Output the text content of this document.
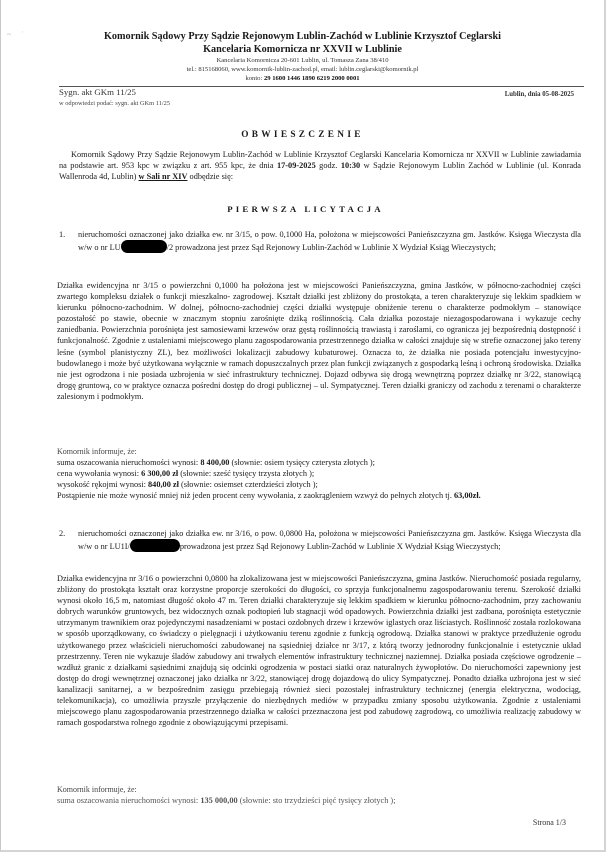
~ ˈ	Komornik Sądowy Przy Sądzie Rejonowym Lublin-Zachód w Lublinie Krzysztof Ceglarski
Kancelaria Komornicza nr XXVII w Lublinie
Kancelaria Komornicza 20-601 Lublin, ul. Tomasza Zana 38/410
tel.: 815168060, www.komornik-lublin-zachod.pl, email: lublin.ceglarski@komornik.pl
konto: 29 1600 1446 1890 6219 2000 0001
Sygn. akt GKm 11/25
w odpowiedzi podać: sygn. akt GKm 11/25
Lublin, dnia 05-08-2025
OBWIESZCZENIE
Komornik Sądowy Przy Sądzie Rejonowym Lublin-Zachód w Lublinie Krzysztof Ceglarski Kancelaria Komornicza nr XXVII w Lublinie zawiadamia na podstawie art. 953 kpc w związku z art. 955 kpc, że dnia 17-09-2025 godz. 10:30 w Sądzie Rejonowym Lublin Zachód w Lublinie (ul. Konrada Wallenroda 4d, Lublin) w Sali nr XIV odbędzie się:
PIERWSZA LICYTACJA
1. nieruchomości oznaczonej jako działka ew. nr 3/15, o pow. 0,1000 Ha, położona w miejscowości Panieńszczyzna gm. Jastków. Księga Wieczysta dla w/w o nr LU	/2 prowadzona jest przez Sąd Rejonowy Lublin-Zachód w Lublinie X Wydział Ksiąg Wieczystych;
Działka ewidencyjna nr 3/15 o powierzchni 0,1000 ha położona jest w miejscowości Panieńszczyzna, gmina Jastków, w północno-zachodniej części zwartego kompleksu działek o funkcji mieszkalno- zagrodowej. Kształt działki jest zbliżony do prostokąta, a teren charakteryzuje się lekkim spadkiem w kierunku północno-zachodnim. W dolnej, północno-zachodniej części działki występuje obniżenie terenu o charakterze podmokłym – stanowiące pozostałość po stawie, obecnie w znacznym stopniu zarośnięte dziką roślinnością. Cała działka pozostaje niezagospodarowana i wykazuje cechy zaniedbania. Powierzchnia porośnięta jest samosiewami krzewów oraz gęstą roślinnością trawiastą i zaroślami, co ogranicza jej bezpośrednią dostępność i funkcjonalność. Zgodnie z ustaleniami miejscowego planu zagospodarowania przestrzennego działka w całości znajduje się w strefie oznaczonej jako tereny leśne (symbol planistyczny ZL), bez możliwości lokalizacji zabudowy kubaturowej. Oznacza to, że działka nie posiada potencjału inwestycyjno-budowlanego i może być użytkowana wyłącznie w ramach dopuszczalnych przez plan funkcji związanych z gospodarką leśną i ochroną środowiska. Działka nie jest ogrodzona i nie posiada uzbrojenia w sieć infrastruktury technicznej. Dojazd odbywa się drogą wewnętrzną poprzez działkę nr 3/22, stanowiącą drogę gruntową, co w praktyce oznacza pośredni dostęp do drogi publicznej – ul. Sympatycznej. Teren działki graniczy od zachodu z terenami o charakterze zalesionym i podmokłym.
Komornik informuje, że:
suma oszacowania nieruchomości wynosi: 8 400,00 (słownie: osiem tysięcy czterysta złotych );
cena wywołania wynosi: 6 300,00 zł (słownie: sześć tysięcy trzysta złotych );
wysokość rękojmi wynosi: 840,00 zł (słownie: osiemset czterdzieści złotych );
Postąpienie nie może wynosić mniej niż jeden procent ceny wywołania, z zaokrągleniem wzwyż do pełnych złotych tj. 63,00zł.
2. nieruchomości oznaczonej jako działka ew. nr 3/16, o pow. 0,0800 Ha, położona w miejscowości Panieńszczyzna gm. Jastków. Księga Wieczysta dla w/w o nr LU1I/	prowadzona jest przez Sąd Rejonowy Lublin-Zachód w Lublinie X Wydział Ksiąg Wieczystych;
Działka ewidencyjna nr 3/16 o powierzchni 0,0800 ha zlokalizowana jest w miejscowości Panieńszczyzna, gmina Jastków. Nieruchomość posiada regularny, zbliżony do prostokąta kształt oraz korzystne proporcje szerokości do długości, co sprzyja funkcjonalnemu zagospodarowaniu terenu. Szerokość działki wynosi około 16,5 m, natomiast długość około 47 m. Teren działki charakteryzuje się lekkim spadkiem w kierunku północno-zachodnim, przy zachowaniu dobrych warunków gruntowych, bez widocznych oznak podtopień lub stagnacji wód opadowych. Powierzchnia działki jest zadbana, porośnięta estetycznie utrzymanym trawnikiem oraz pojedynczymi nasadzeniami w postaci ozdobnych drzew i krzewów iglastych oraz liściastych. Roślinność została rozlokowana w sposób uporządkowany, co świadczy o pielęgnacji i użytkowaniu terenu zgodnie z funkcją ogrodową. Działka stanowi w praktyce przedłużenie ogrodu użytkowanego przez właścicieli nieruchomości zabudowanej na sąsiedniej działce nr 3/17, z którą tworzy jednorodny funkcjonalnie i estetycznie układ przestrzenny. Teren nie wykazuje śladów zabudowy ani trwałych elementów infrastruktury technicznej naziemnej. Działka posiada częściowe ogrodzenie – wzdłuż granic z działkami sąsiednimi znajdują się odcinki ogrodzenia w postaci siatki oraz naturalnych żywopłotów. Do nieruchomości zapewniony jest dostęp do drogi wewnętrznej oznaczonej jako działka nr 3/22, stanowiącej drogę dojazdową do ulicy Sympatycznej. Ponadto działka uzbrojona jest w sieć kanalizacji sanitarnej, a w bezpośrednim zasięgu przebiegają również sieci pozostałej infrastruktury technicznej (energia elektryczna, wodociąg, telekomunikacja), co umożliwia przyszłe przyłączenie do niezbędnych mediów w przypadku zmiany sposobu użytkowania. Zgodnie z ustaleniami miejscowego planu zagospodarowania przestrzennego działka w całości przeznaczona jest pod zabudowę zagrodową, co umożliwia realizację zabudowy w ramach gospodarstwa rolnego zgodnie z obowiązującymi przepisami.
Komornik informuje, że:
suma oszacowania nieruchomości wynosi: 135 000,00 (słownie: sto trzydzieści pięć tysięcy złotych );
Strona 1/3
